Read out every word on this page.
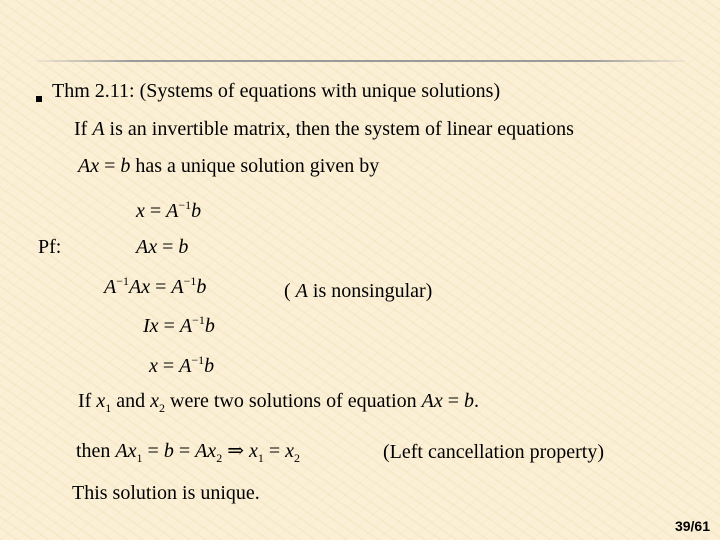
Thm 2.11: (Systems of equations with unique solutions)
If A is an invertible matrix, then the system of linear equations
Ax = b has a unique solution given by
$x = A^{-1}b$
Pf:	Ax = b
$A^{-1}Ax = A^{-1}b$	( A is nonsingular)
$Ix = A^{-1}b$
$x = A^{-1}b$
If $x_1$ and $x_2$ were two solutions of equation Ax = b.
then $Ax_1 = b = Ax_2$ ⇒ $x_1 = x_2$	(Left cancellation property)
This solution is unique.
39/61
